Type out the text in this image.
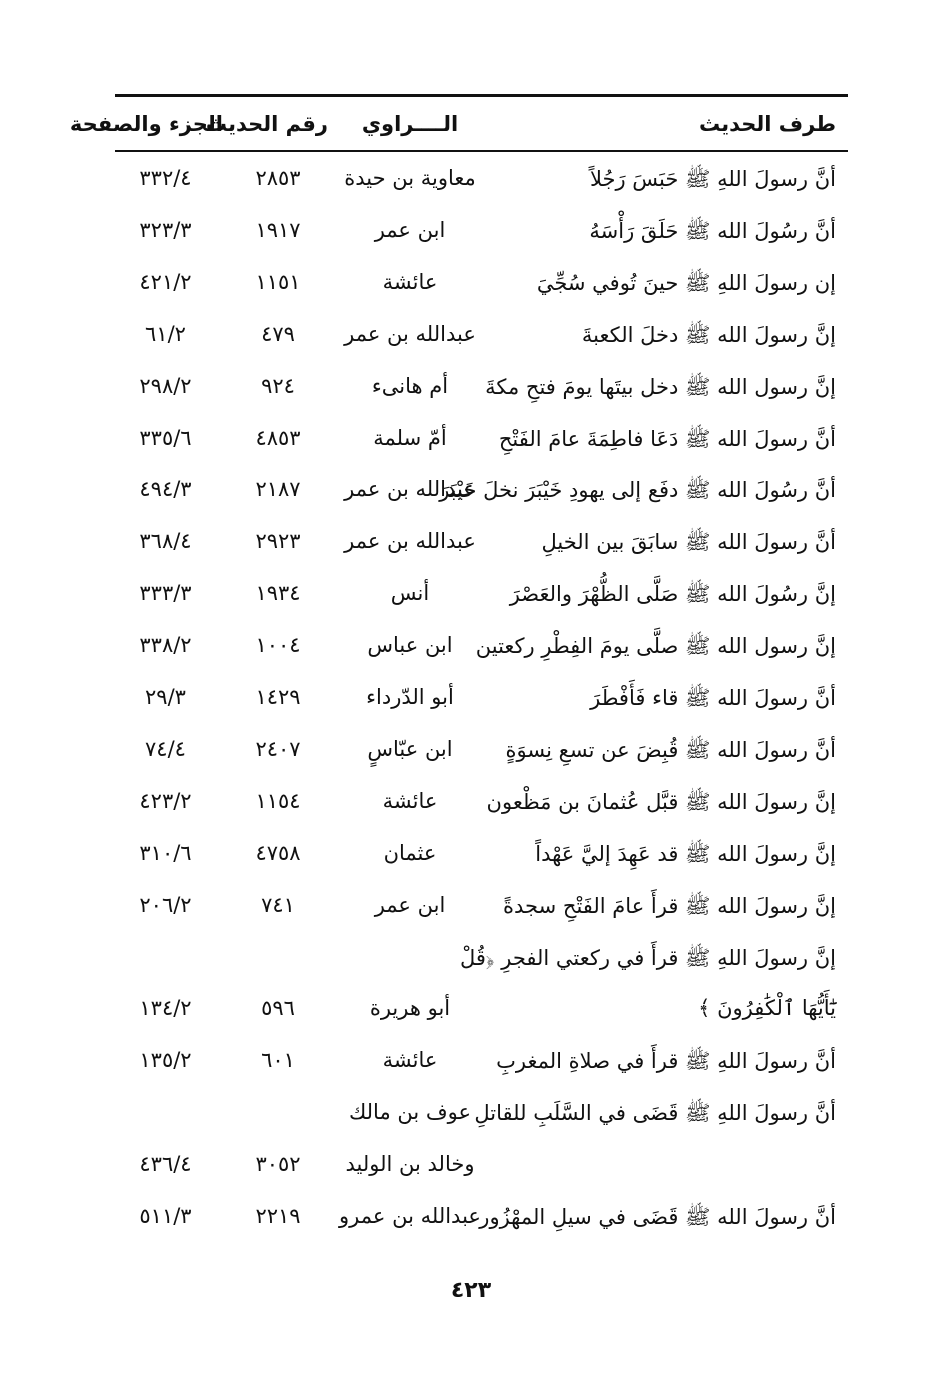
طرف الحديث
الــــراوي
رقم الحديث
الجزء والصفحة
أنَّ رسولَ اللهِ ﷺ حَبَسَ رَجُلاً
معاوية بن حيدة
٢٨٥٣
٣٣٢/٤
أنَّ رسُولَ الله ﷺ حَلَقَ رَأْسَهُ
ابن عمر
١٩١٧
٣٢٣/٣
إن رسولَ اللهِ ﷺ حينَ تُوفي سُجِّيَ
عائشة
١١٥١
٤٢١/٢
إنَّ رسولَ الله ﷺ دخلَ الكعبةَ
عبدالله بن عمر
٤٧٩
٦١/٢
إنَّ رسول الله ﷺ دخل بيتَها يومَ فتحِ مكةَ
أم هانىء
٩٢٤
٢٩٨/٢
أنَّ رسولَ الله ﷺ دَعَا فاطِمَةَ عامَ الفَتْحِ
أمّ سلمة
٤٨٥٣
٣٣٥/٦
أنَّ رسُولَ الله ﷺ دفَع إلى يهودِ خَيْبَرَ نخلَ خَيْبَرَ
عبدالله بن عمر
٢١٨٧
٤٩٤/٣
أنَّ رسولَ الله ﷺ سابَقَ بين الخيلِ
عبدالله بن عمر
٢٩٢٣
٣٦٨/٤
إنَّ رسُولَ الله ﷺ صَلَّى الظُّهْرَ والعَصْرَ
أنس
١٩٣٤
٣٣٣/٣
إنَّ رسول الله ﷺ صلَّى يومَ الفِطْرِ ركعتين
ابن عباس
١٠٠٤
٣٣٨/٢
أنَّ رسولَ الله ﷺ قاء فَأَفْطَرَ
أبو الدّرداء
١٤٢٩
٢٩/٣
أنَّ رسولَ الله ﷺ قُبِضَ عن تسعِ نِسوَةٍ
ابن عبّاسٍ
٢٤٠٧
٧٤/٤
إنَّ رسولَ الله ﷺ قبَّل عُثمانَ بن مَظْعون
عائشة
١١٥٤
٤٢٣/٢
إنَّ رسولَ الله ﷺ قد عَهِدَ إليَّ عَهْداً
عثمان
٤٧٥٨
٣١٠/٦
إنَّ رسولَ الله ﷺ قرأَ عامَ الفَتْحِ سجدةً
ابن عمر
٧٤١
٢٠٦/٢
إنَّ رسولَ اللهِ ﷺ قرأَ في ركعتي الفجرِ ﴿قُلْ
يَٰٓأَيُّهَا ٱلْكَٰفِرُونَ ﴾
أبو هريرة
٥٩٦
١٣٤/٢
أنَّ رسولَ اللهِ ﷺ قرأَ في صلاةِ المغربِ
عائشة
٦٠١
١٣٥/٢
أنَّ رسولَ اللهِ ﷺ قَضَى في السَّلَبِ للقاتلِ
عوف بن مالك
وخالد بن الوليد
٣٠٥٢
٤٣٦/٤
أنَّ رسولَ الله ﷺ قَضَى في سيلِ المهْزُور
عبدالله بن عمرو
٢٢١٩
٥١١/٣
٤٢٣
